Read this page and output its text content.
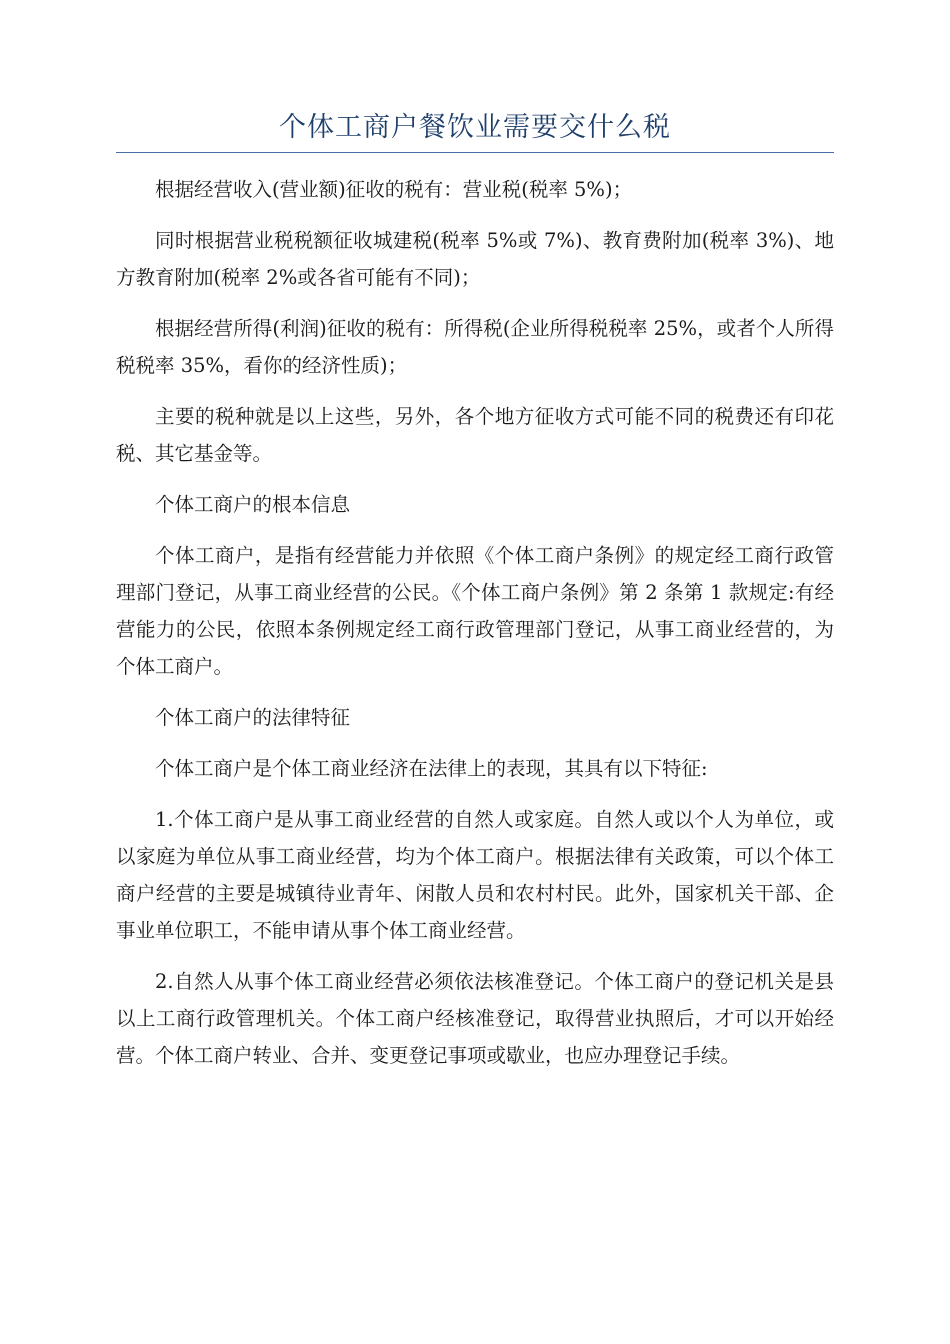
个体工商户餐饮业需要交什么税

根据经营收入(营业额)征收的税有：营业税(税率 5%)；

同时根据营业税税额征收城建税(税率 5%或 7%)、教育费附加(税率 3%)、地方教育附加(税率 2%或各省可能有不同)；

根据经营所得(利润)征收的税有：所得税(企业所得税税率 25%，或者个人所得税税率 35%，看你的经济性质)；

主要的税种就是以上这些，另外，各个地方征收方式可能不同的税费还有印花税、其它基金等。

个体工商户的根本信息

个体工商户，是指有经营能力并依照《个体工商户条例》的规定经工商行政管理部门登记，从事工商业经营的公民。《个体工商户条例》第 2 条第 1 款规定:有经营能力的公民，依照本条例规定经工商行政管理部门登记，从事工商业经营的，为个体工商户。

个体工商户的法律特征

个体工商户是个体工商业经济在法律上的表现，其具有以下特征:

1.个体工商户是从事工商业经营的自然人或家庭。自然人或以个人为单位，或以家庭为单位从事工商业经营，均为个体工商户。根据法律有关政策，可以个体工商户经营的主要是城镇待业青年、闲散人员和农村村民。此外，国家机关干部、企事业单位职工，不能申请从事个体工商业经营。

2.自然人从事个体工商业经营必须依法核准登记。个体工商户的登记机关是县以上工商行政管理机关。个体工商户经核准登记，取得营业执照后，才可以开始经营。个体工商户转业、合并、变更登记事项或歇业，也应办理登记手续。
